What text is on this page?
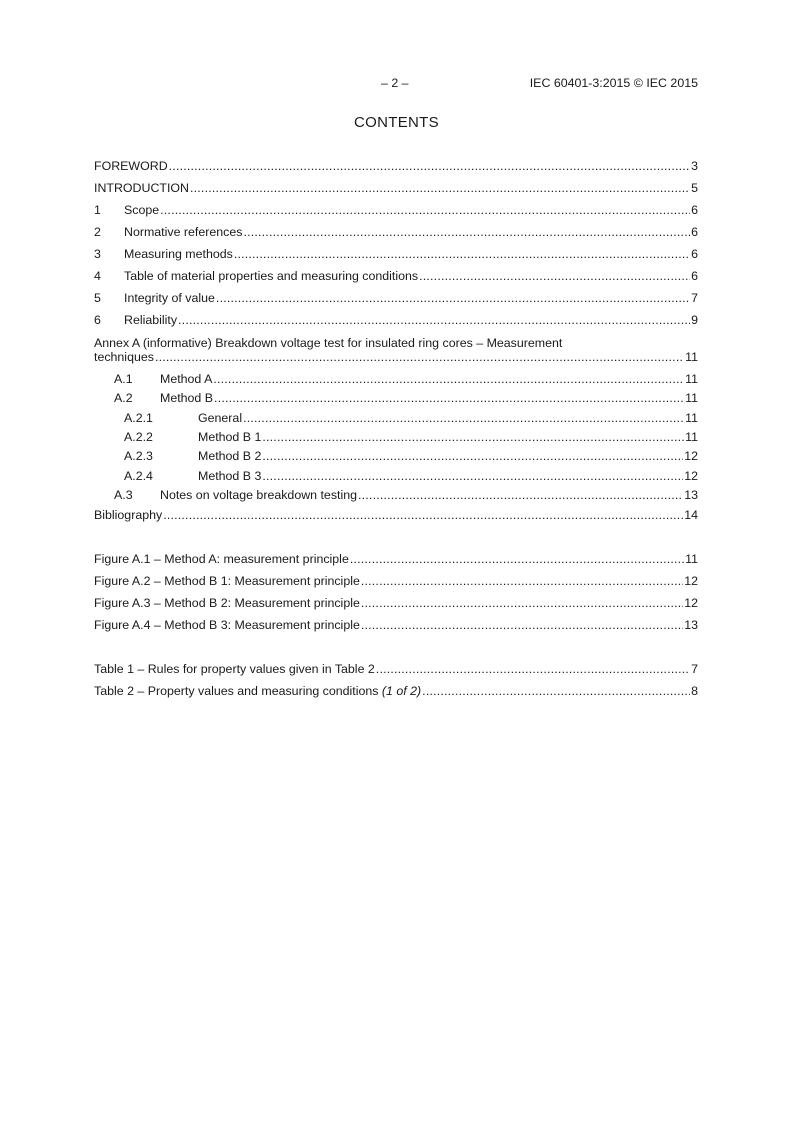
– 2 –	IEC 60401-3:2015 © IEC 2015
CONTENTS
FOREWORD .....	3
INTRODUCTION .....	5
1	Scope .....	6
2	Normative references .....	6
3	Measuring methods .....	6
4	Table of material properties and measuring conditions .....	6
5	Integrity of value .....	7
6	Reliability .....	9
Annex A (informative) Breakdown voltage test for insulated ring cores – Measurement
techniques .....	11
A.1	Method A .....	11
A.2	Method B .....	11
A.2.1	General .....	11
A.2.2	Method B 1 .....	11
A.2.3	Method B 2 .....	12
A.2.4	Method B 3 .....	12
A.3	Notes on voltage breakdown testing .....	13
Bibliography .....	14
Figure A.1 – Method A: measurement principle .....	11
Figure A.2 – Method B 1: Measurement principle .....	12
Figure A.3 – Method B 2: Measurement principle .....	12
Figure A.4 – Method B 3: Measurement principle .....	13
Table 1 – Rules for property values given in Table 2 .....	7
Table 2 – Property values and measuring conditions (1 of 2) .....	8
